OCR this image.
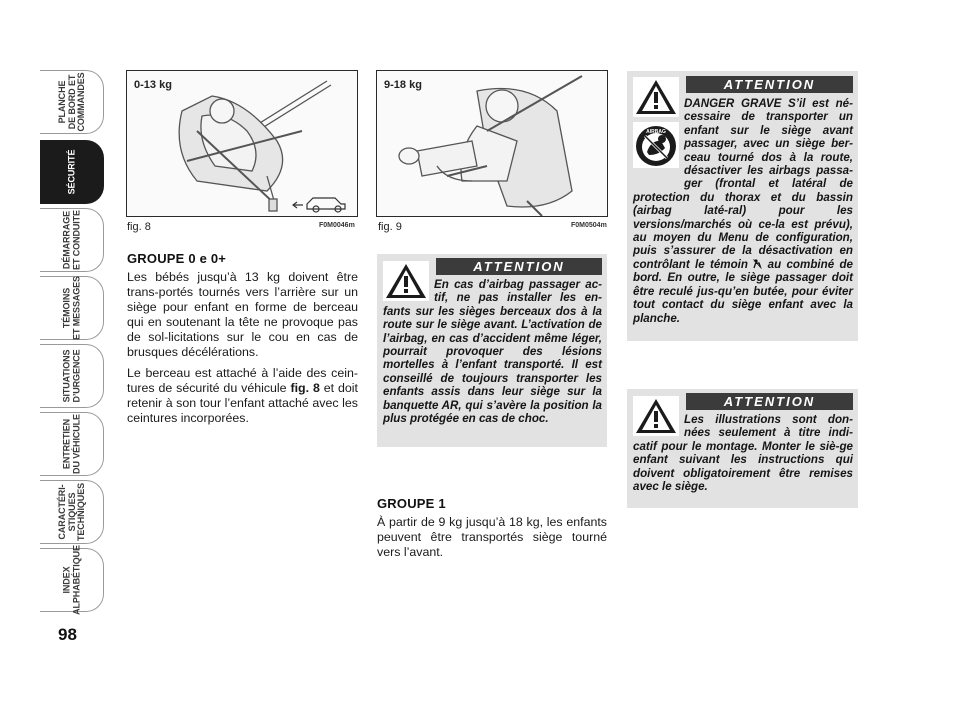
PLANCHE
DE BORD ET
COMMANDES
SÉCURITÉ
DÉMARRAGE
ET CONDUITE
TÉMOINS
ET MESSAGES
SITUATIONS
D’URGENCE
ENTRETIEN
DU VÉHICULE
CARACTÉRI-
STIQUES
TECHNIQUES
INDEX
ALPHABÉTIQUE
98
0-13 kg
fig. 8	F0M0046m
9-18 kg
fig. 9	F0M0504m
GROUPE 0 e 0+

Les bébés jusqu’à 13 kg doivent être trans-portés tournés vers l’arrière sur un siège pour enfant en forme de berceau qui en soutenant la tête ne provoque pas de sol-licitations sur le cou en cas de brusques décélérations.

Le berceau est attaché à l’aide des cein-tures de sécurité du véhicule fig. 8 et doit retenir à son tour l’enfant attaché avec les ceintures incorporées.

ATTENTION
En cas d’airbag passager ac-tif, ne pas installer les en-fants sur les sièges berceaux dos à la route sur le siège avant. L’activation de l’airbag, en cas d’accident même léger, pourrait provoquer des lésions mortelles à l’enfant transporté. Il est conseillé de toujours transporter les enfants assis dans leur siège sur la banquette AR, qui s’avère la position la plus protégée en cas de choc.
GROUPE 1

À partir de 9 kg jusqu’à 18 kg, les enfants peuvent être transportés siège tourné vers l’avant.

AIRBAG
ATTENTION
DANGER GRAVE S’il est né-cessaire de transporter un enfant sur le siège avant passager, avec un siège ber-ceau tourné dos à la route, désactiver les airbags passa-ger (frontal et latéral de protection du thorax et du bassin (airbag laté-ral) pour les versions/marchés où ce-la est prévu), au moyen du Menu de configuration, puis s’assurer de la désactivation en contrôlant le témoin  au combiné de bord. En outre, le siège passager doit être reculé jus-qu’en butée, pour éviter tout contact du siège enfant avec la planche.
ATTENTION
Les illustrations sont don-nées seulement à titre indi-catif pour le montage. Monter le siè-ge enfant suivant les instructions qui doivent obligatoirement être remises avec le siège.
